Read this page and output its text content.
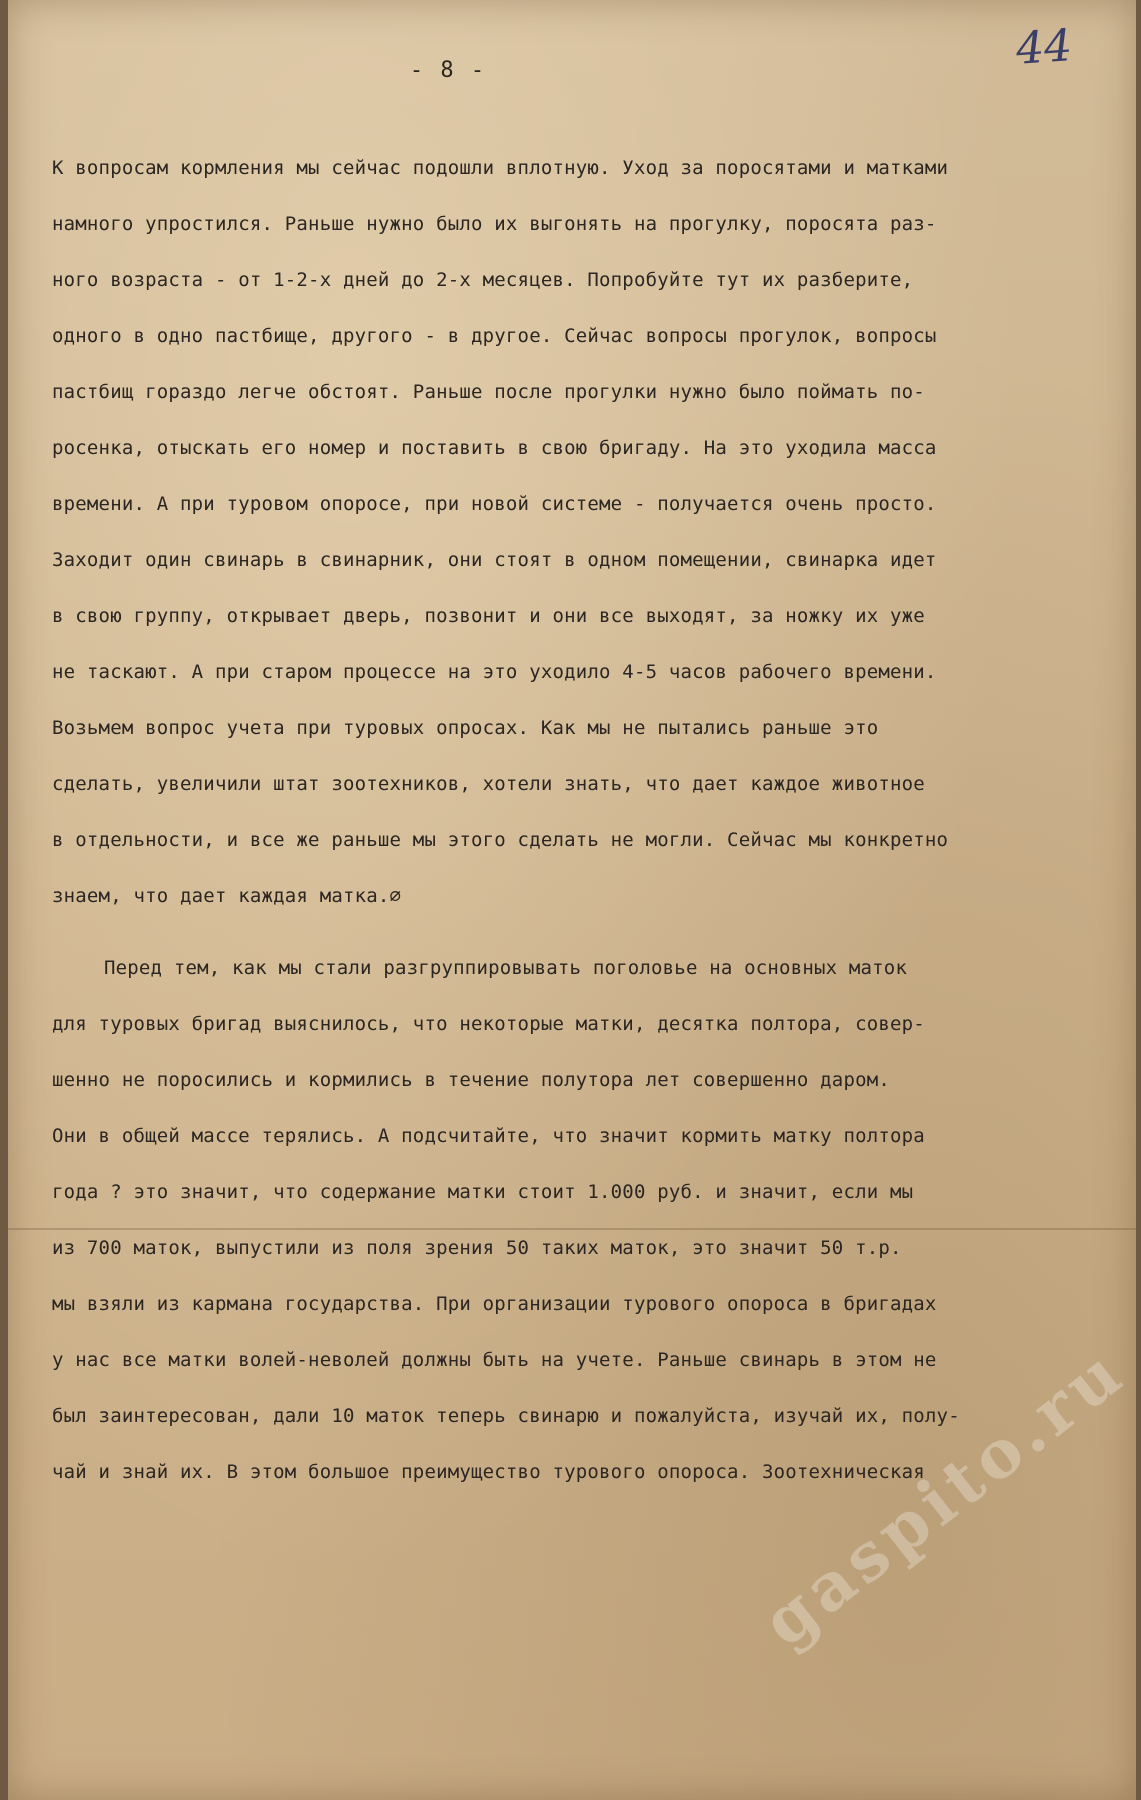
- 8 -	44
К вопросам кормления мы сейчас подошли вплотную. Уход за поросятами и матками
намного упростился. Раньше нужно было их выгонять на прогулку, поросята раз-
ного возраста - от 1-2-х дней до 2-х месяцев. Попробуйте тут их разберите,
одного в одно пастбище, другого - в другое. Сейчас вопросы прогулок, вопросы
пастбищ гораздо легче обстоят. Раньше после прогулки нужно было поймать по-
росенка, отыскать его номер и поставить в свою бригаду. На это уходила масса
времени. А при туровом опоросе, при новой системе - получается очень просто.
Заходит один свинарь в свинарник, они стоят в одном помещении, свинарка идет
в свою группу, открывает дверь, позвонит и они все выходят, за ножку их уже
не таскают. А при старом процессе на это уходило 4-5 часов рабочего времени.
Возьмем вопрос учета при туровых опросах. Как мы не пытались раньше это
сделать, увеличили штат зоотехников, хотели знать, что дает каждое животное
в отдельности, и все же раньше мы этого сделать не могли. Сейчас мы конкретно
знаем, что дает каждая матка.∅
Перед тем, как мы стали разгруппировывать поголовье на основных маток
для туровых бригад выяснилось, что некоторые матки, десятка полтора, совер-
шенно не поросились и кормились в течение полутора лет совершенно даром.
Они в общей массе терялись. А подсчитайте, что значит кормить матку полтора
года ? это значит, что содержание матки стоит 1.000 руб. и значит, если мы
из 700 маток, выпустили из поля зрения 50 таких маток, это значит 50 т.р.
мы взяли из кармана государства. При организации турового опороса в бригадах
у нас все матки волей-неволей должны быть на учете. Раньше свинарь в этом не
был заинтересован, дали 10 маток теперь свинарю и пожалуйста, изучай их, полу-
чай и знай их. В этом большое преимущество турового опороса. Зоотехническая
gaspito.ru
